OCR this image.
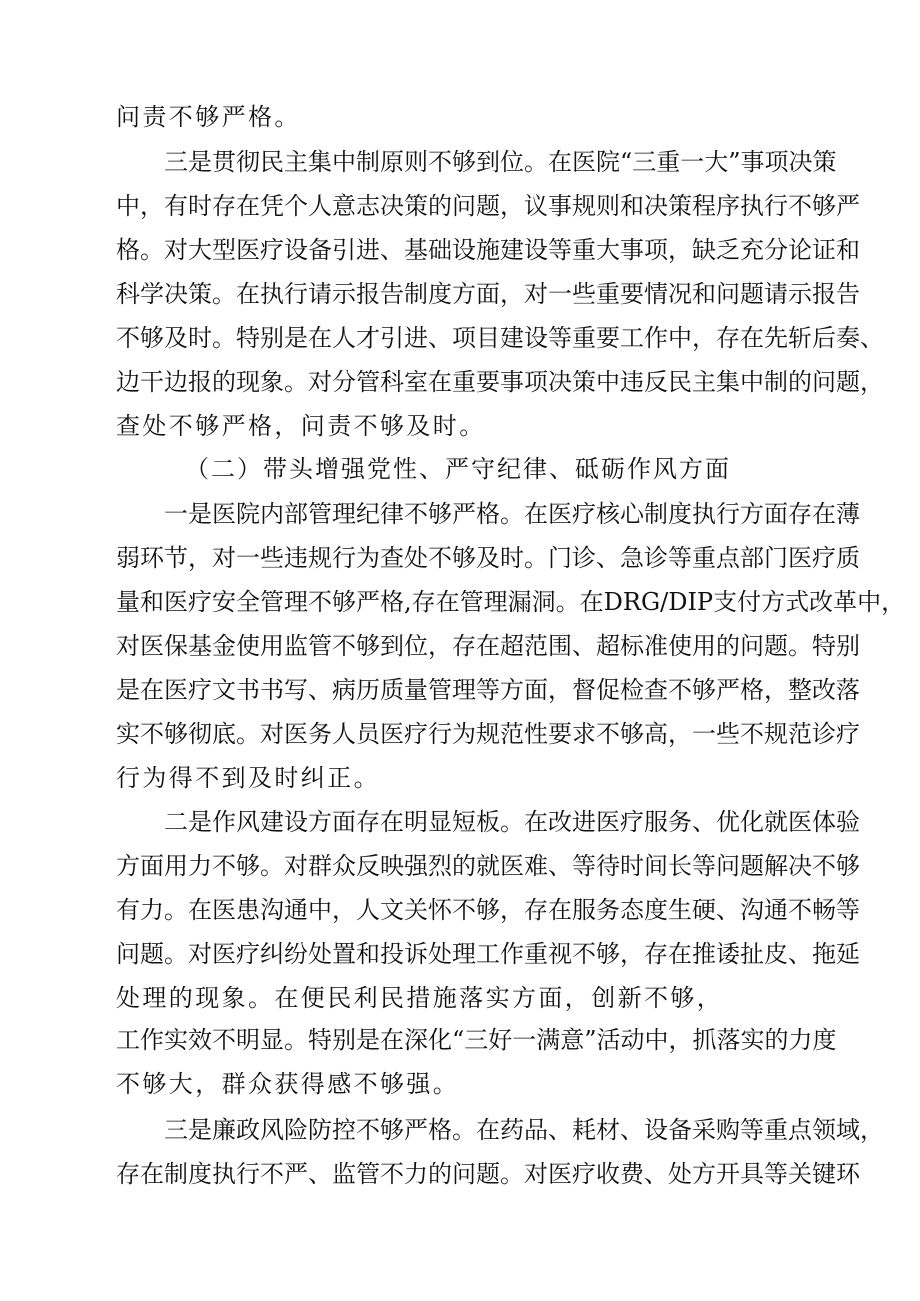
问责不够严格。
三是贯彻民主集中制原则不够到位。在医院“三重一大”事项决策
中，有时存在凭个人意志决策的问题，议事规则和决策程序执行不够严
格。对大型医疗设备引进、基础设施建设等重大事项，缺乏充分论证和
科学决策。在执行请示报告制度方面，对一些重要情况和问题请示报告
不够及时。特别是在人才引进、项目建设等重要工作中，存在先斩后奏、
边干边报的现象。对分管科室在重要事项决策中违反民主集中制的问题，
查处不够严格，问责不够及时。
（二）带头增强党性、严守纪律、砥砺作风方面
一是医院内部管理纪律不够严格。在医疗核心制度执行方面存在薄
弱环节，对一些违规行为查处不够及时。门诊、急诊等重点部门医疗质
量和医疗安全管理不够严格,存在管理漏洞。在DRG/DIP支付方式改革中，
对医保基金使用监管不够到位，存在超范围、超标准使用的问题。特别
是在医疗文书书写、病历质量管理等方面，督促检查不够严格，整改落
实不够彻底。对医务人员医疗行为规范性要求不够高，一些不规范诊疗
行为得不到及时纠正。
二是作风建设方面存在明显短板。在改进医疗服务、优化就医体验
方面用力不够。对群众反映强烈的就医难、等待时间长等问题解决不够
有力。在医患沟通中，人文关怀不够，存在服务态度生硬、沟通不畅等
问题。对医疗纠纷处置和投诉处理工作重视不够，存在推诿扯皮、拖延
处理的现象。在便民利民措施落实方面，创新不够，
工作实效不明显。特别是在深化“三好一满意”活动中，抓落实的力度
不够大，群众获得感不够强。
三是廉政风险防控不够严格。在药品、耗材、设备采购等重点领域，
存在制度执行不严、监管不力的问题。对医疗收费、处方开具等关键环
